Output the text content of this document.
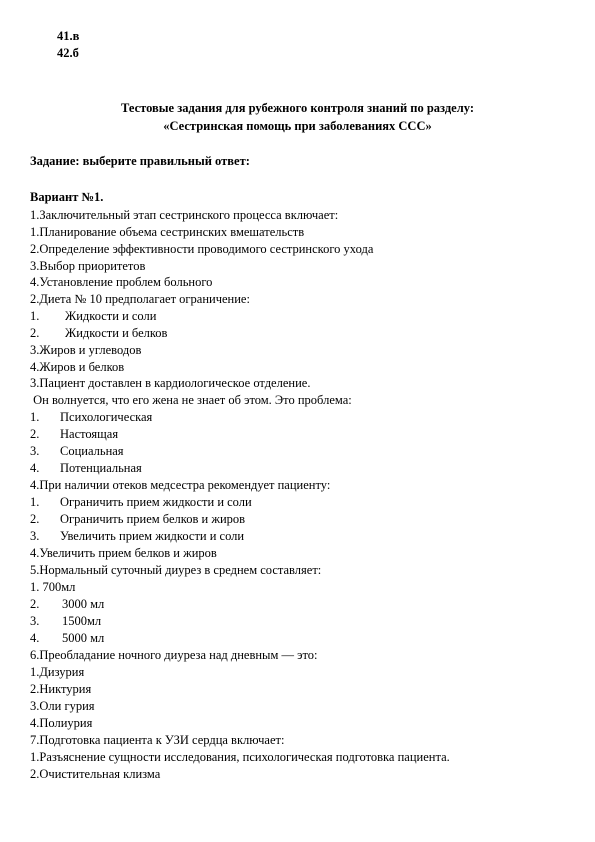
41.в
42.б
Тестовые задания для рубежного контроля знаний по разделу:
«Сестринская помощь при заболеваниях ССС»
Задание: выберите правильный ответ:
Вариант №1.
1.Заключительный этап сестринского процесса включает:
1.Планирование объема сестринских вмешательств
2.Определение эффективности проводимого сестринского ухода
3.Выбор приоритетов
4.Установление проблем больного
2.Диета № 10 предполагает ограничение:
1. Жидкости и соли
2. Жидкости и белков
3.Жиров и углеводов
4.Жиров и белков
3.Пациент доставлен в кардиологическое отделение.
Он волнуется, что его жена не знает об этом. Это проблема:
1. Психологическая
2. Настоящая
3. Социальная
4. Потенциальная
4.При наличии отеков медсестра рекомендует пациенту:
1. Ограничить прием жидкости и соли
2. Ограничить прием белков и жиров
3. Увеличить прием жидкости и соли
4.Увеличить прием белков и жиров
5.Нормальный суточный диурез в среднем составляет:
1. 700мл
2. 3000 мл
3. 1500мл
4. 5000 мл
6.Преобладание ночного диуреза над дневным — это:
1.Дизурия
2.Никтурия
3.Оли гурия
4.Полиурия
7.Подготовка пациента к УЗИ сердца включает:
1.Разъяснение сущности исследования, психологическая подготовка пациента.
2.Очистительная клизма
